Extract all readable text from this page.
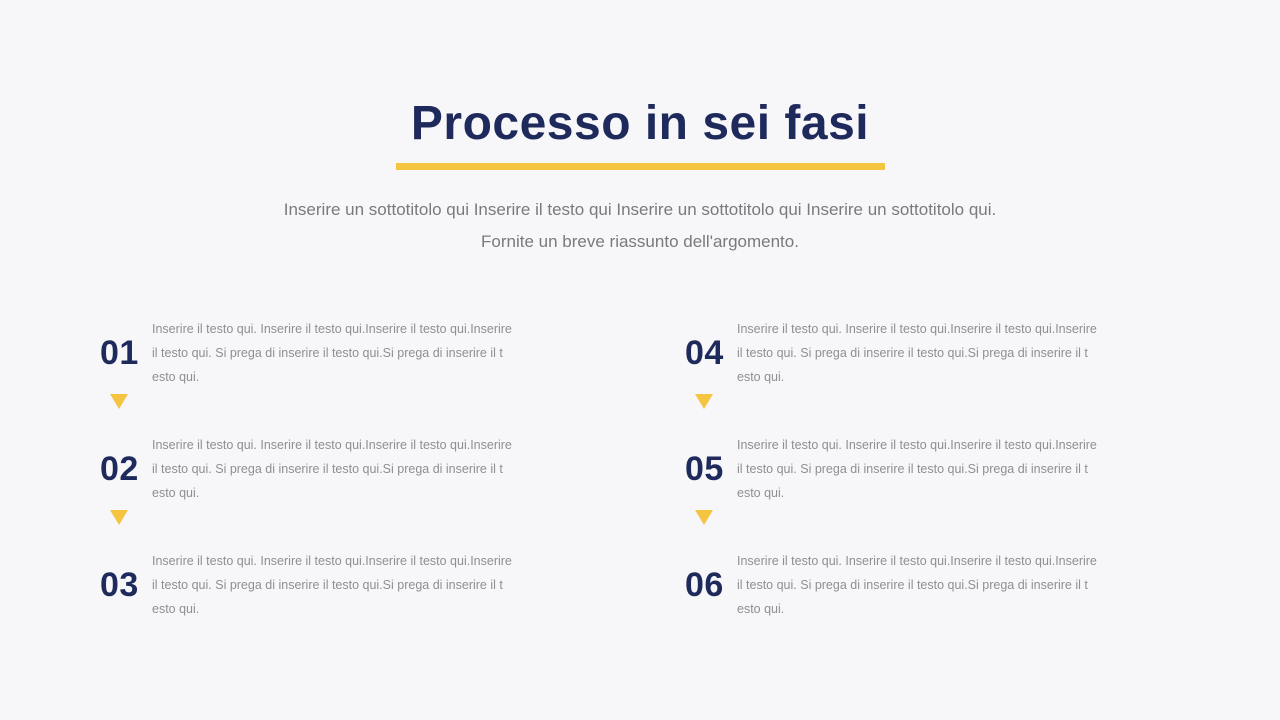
Processo in sei fasi
Inserire un sottotitolo qui Inserire il testo qui Inserire un sottotitolo qui Inserire un sottotitolo qui.
Fornite un breve riassunto dell'argomento.
01
Inserire il testo qui. Inserire il testo qui.Inserire il testo qui.Inserire
il testo qui. Si prega di inserire il testo qui.Si prega di inserire il t
esto qui.
02
Inserire il testo qui. Inserire il testo qui.Inserire il testo qui.Inserire
il testo qui. Si prega di inserire il testo qui.Si prega di inserire il t
esto qui.
03
Inserire il testo qui. Inserire il testo qui.Inserire il testo qui.Inserire
il testo qui. Si prega di inserire il testo qui.Si prega di inserire il t
esto qui.
04
Inserire il testo qui. Inserire il testo qui.Inserire il testo qui.Inserire
il testo qui. Si prega di inserire il testo qui.Si prega di inserire il t
esto qui.
05
Inserire il testo qui. Inserire il testo qui.Inserire il testo qui.Inserire
il testo qui. Si prega di inserire il testo qui.Si prega di inserire il t
esto qui.
06
Inserire il testo qui. Inserire il testo qui.Inserire il testo qui.Inserire
il testo qui. Si prega di inserire il testo qui.Si prega di inserire il t
esto qui.
